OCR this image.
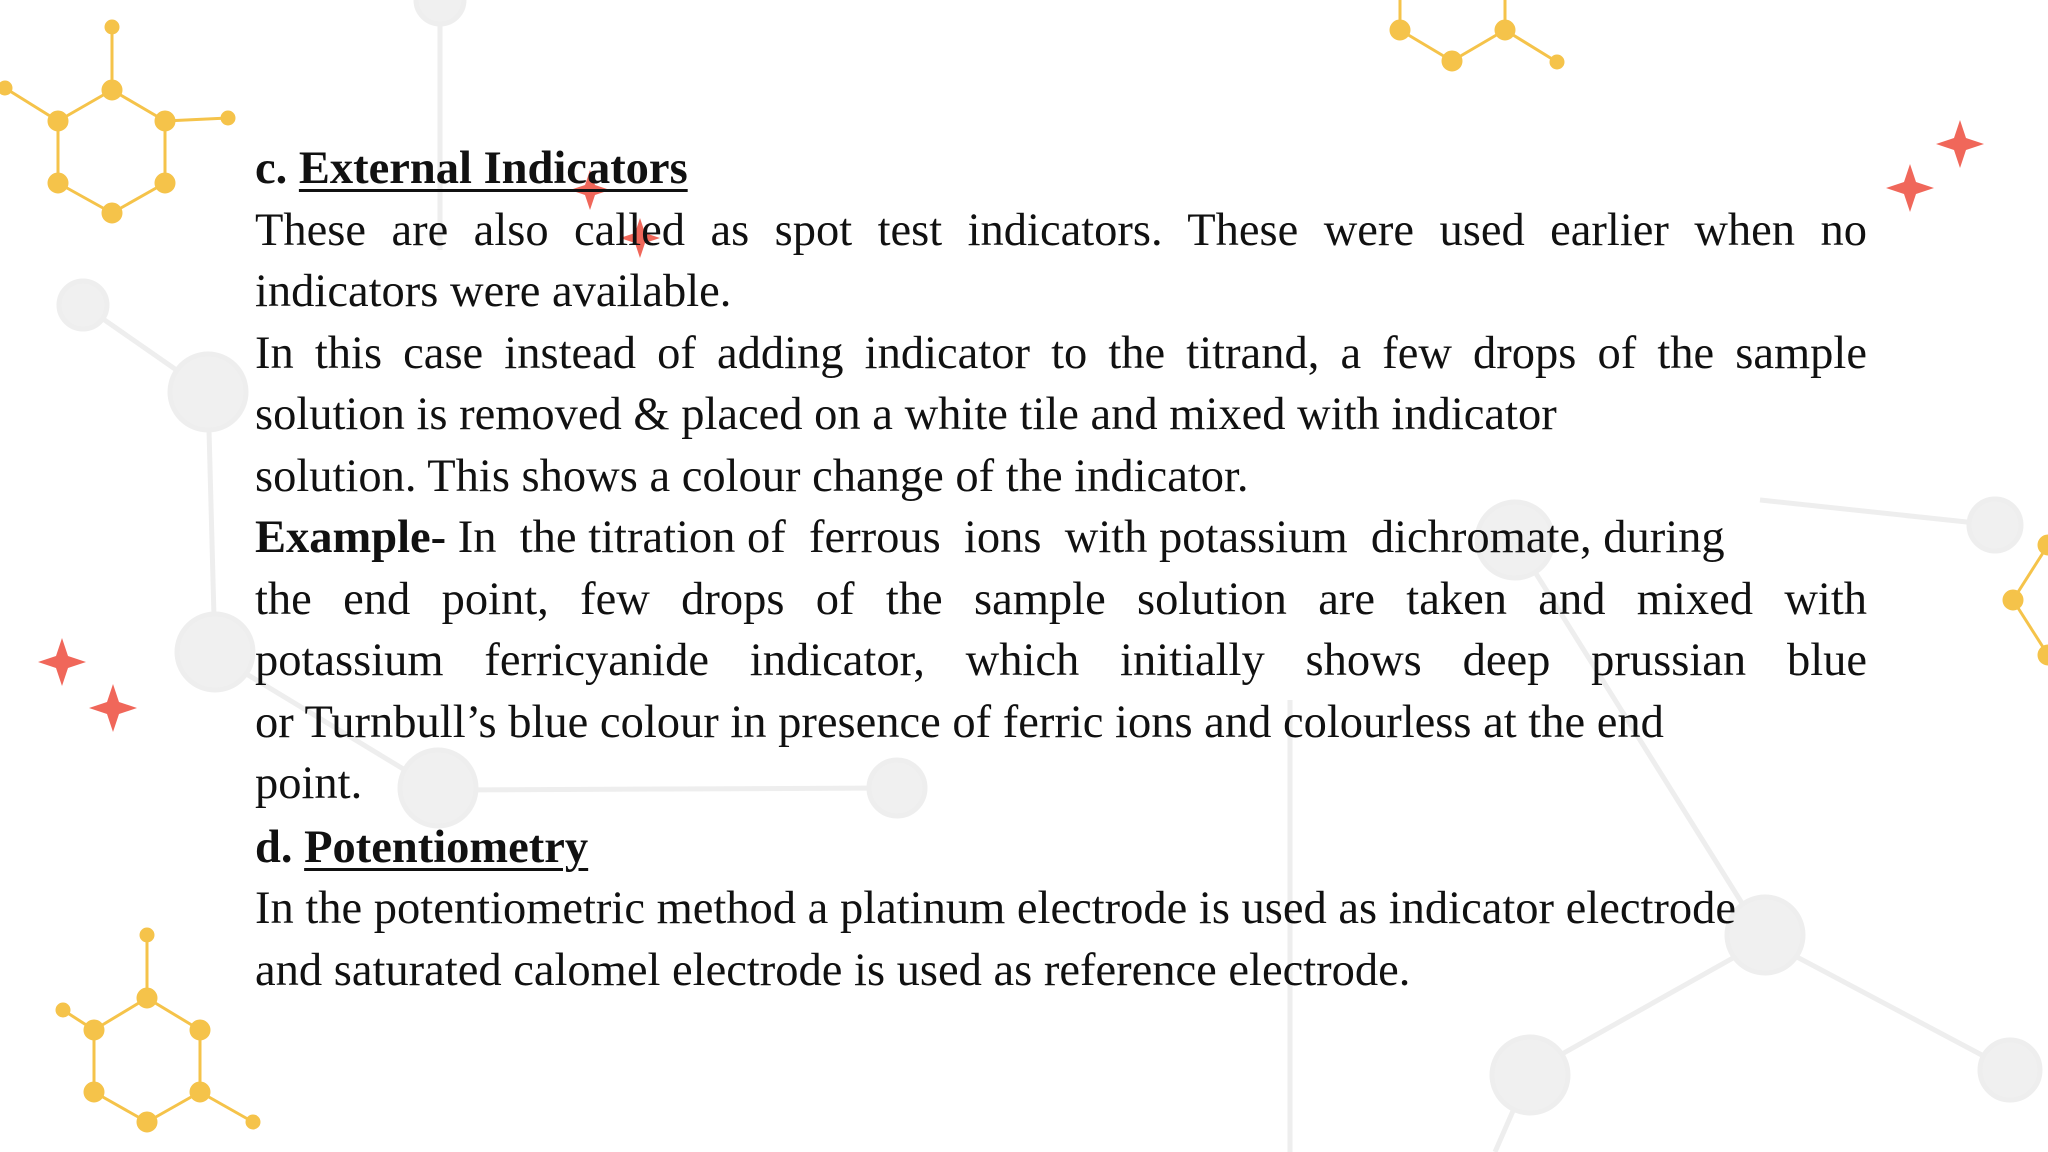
c. External Indicators
These are also called as spot test indicators. These were used earlier when no
indicators were available.
In this case instead of adding indicator to the titrand, a few drops of the sample
solution is removed & placed on a white tile and mixed with indicator
solution. This shows a colour change of the indicator.
Example- In  the titration of  ferrous  ions  with potassium  dichromate, during
the end point, few drops of the sample solution are taken and mixed with
potassium ferricyanide indicator, which initially shows deep prussian blue
or Turnbull’s blue colour in presence of ferric ions and colourless at the end
point.
d. Potentiometry
In the potentiometric method a platinum electrode is used as indicator electrode
and saturated calomel electrode is used as reference electrode.
